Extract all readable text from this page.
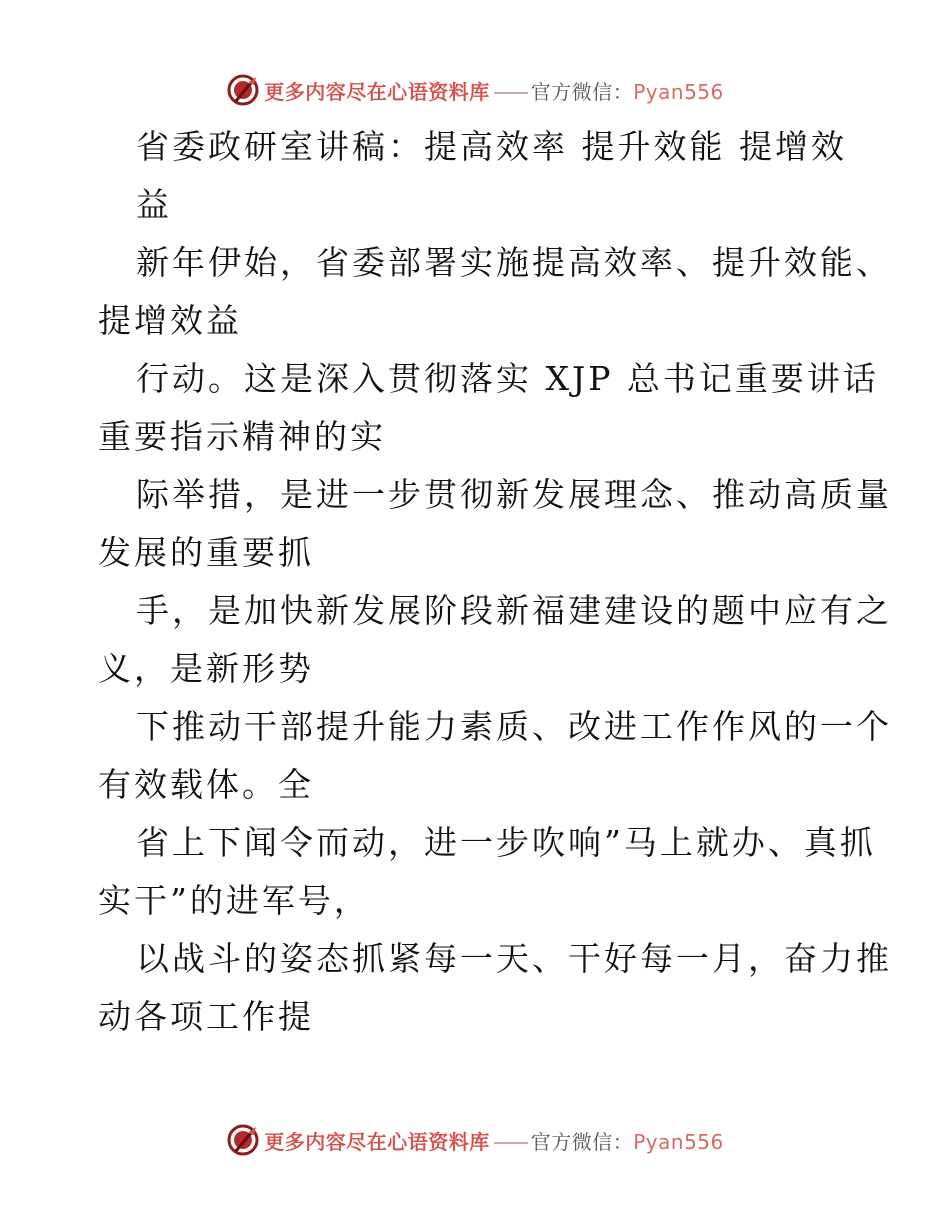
更多内容尽在心语资料库 官方微信：Pyan556
省委政研室讲稿：提高效率 提升效能 提增效
益
新年伊始，省委部署实施提高效率、提升效能、
提增效益
行动。这是深入贯彻落实 XJP 总书记重要讲话
重要指示精神的实
际举措，是进一步贯彻新发展理念、推动高质量
发展的重要抓
手，是加快新发展阶段新福建建设的题中应有之
义，是新形势
下推动干部提升能力素质、改进工作作风的一个
有效载体。全
省上下闻令而动，进一步吹响”马上就办、真抓
实干”的进军号，
以战斗的姿态抓紧每一天、干好每一月，奋力推
动各项工作提
更多内容尽在心语资料库 官方微信：Pyan556
